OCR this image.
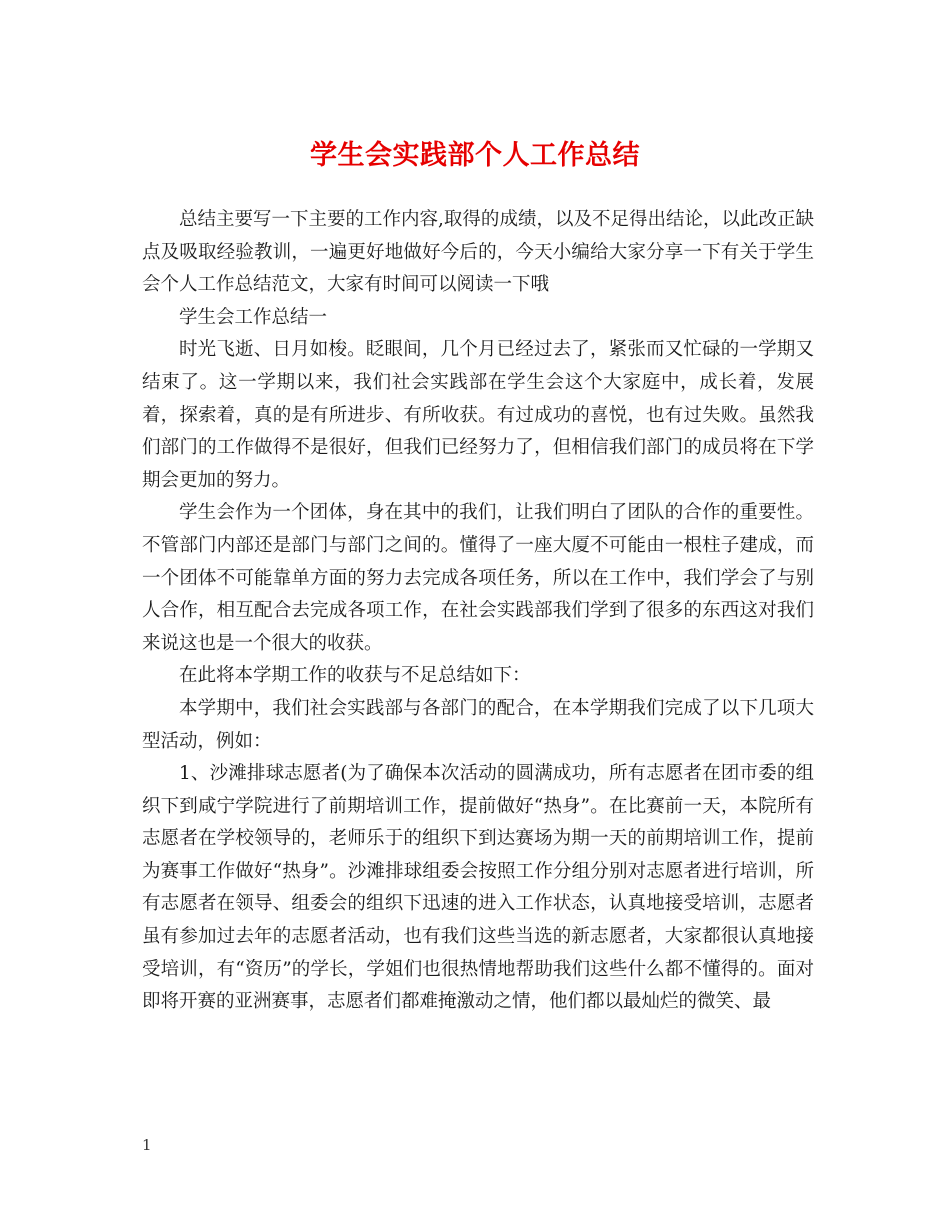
学生会实践部个人工作总结

总结主要写一下主要的工作内容,取得的成绩，以及不足得出结论，以此改正缺点及吸取经验教训，一遍更好地做好今后的，今天小编给大家分享一下有关于学生会个人工作总结范文，大家有时间可以阅读一下哦

学生会工作总结一

时光飞逝、日月如梭。眨眼间，几个月已经过去了，紧张而又忙碌的一学期又结束了。这一学期以来，我们社会实践部在学生会这个大家庭中，成长着，发展着，探索着，真的是有所进步、有所收获。有过成功的喜悦，也有过失败。虽然我们部门的工作做得不是很好，但我们已经努力了，但相信我们部门的成员将在下学期会更加的努力。

学生会作为一个团体，身在其中的我们，让我们明白了团队的合作的重要性。不管部门内部还是部门与部门之间的。懂得了一座大厦不可能由一根柱子建成，而一个团体不可能靠单方面的努力去完成各项任务，所以在工作中，我们学会了与别人合作，相互配合去完成各项工作，在社会实践部我们学到了很多的东西这对我们来说这也是一个很大的收获。

在此将本学期工作的收获与不足总结如下：

本学期中，我们社会实践部与各部门的配合，在本学期我们完成了以下几项大型活动，例如：

1、沙滩排球志愿者(为了确保本次活动的圆满成功，所有志愿者在团市委的组织下到咸宁学院进行了前期培训工作，提前做好“热身”。在比赛前一天，本院所有志愿者在学校领导的，老师乐于的组织下到达赛场为期一天的前期培训工作，提前为赛事工作做好“热身”。沙滩排球组委会按照工作分组分别对志愿者进行培训，所有志愿者在领导、组委会的组织下迅速的进入工作状态，认真地接受培训，志愿者虽有参加过去年的志愿者活动，也有我们这些当选的新志愿者，大家都很认真地接受培训，有“资历”的学长，学姐们也很热情地帮助我们这些什么都不懂得的。面对即将开赛的亚洲赛事，志愿者们都难掩激动之情，他们都以最灿烂的微笑、最

1
